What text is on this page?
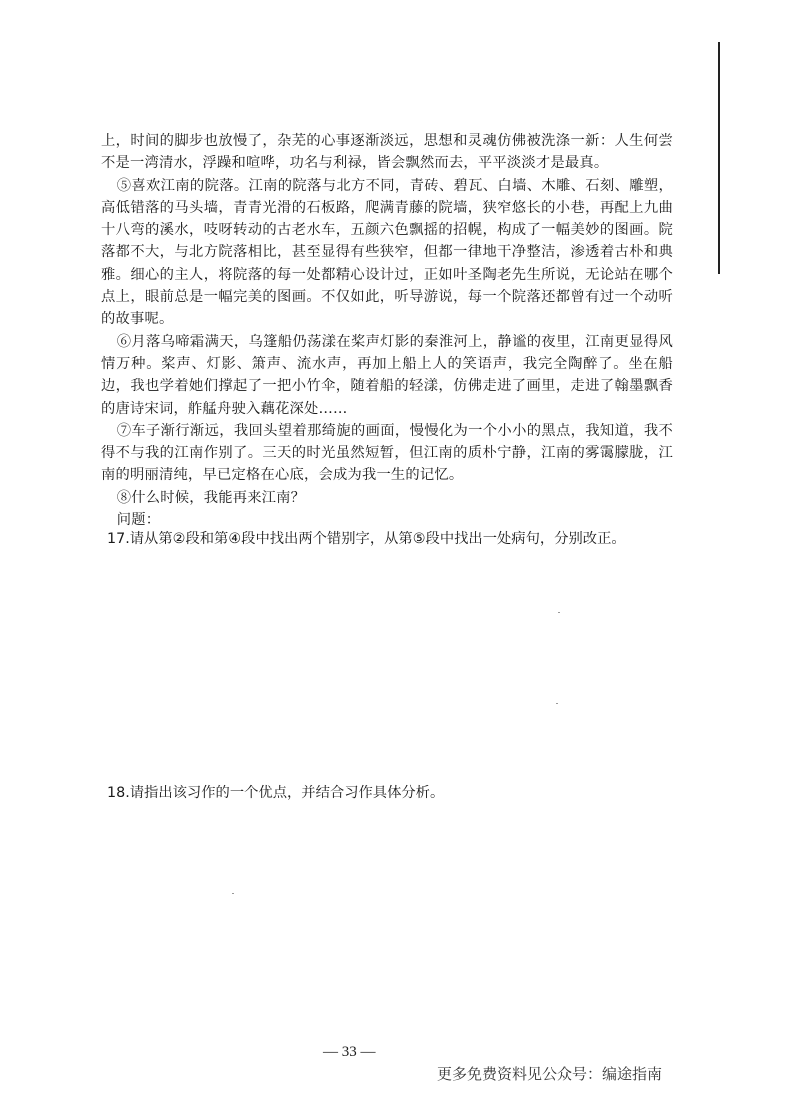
上，时间的脚步也放慢了，杂芜的心事逐渐淡远，思想和灵魂仿佛被洗涤一新：人生何尝不是一湾清水，浮躁和喧哗，功名与利禄，皆会飘然而去，平平淡淡才是最真。

⑤喜欢江南的院落。江南的院落与北方不同，青砖、碧瓦、白墙、木雕、石刻、雕塑，高低错落的马头墙，青青光滑的石板路，爬满青藤的院墙，狭窄悠长的小巷，再配上九曲十八弯的溪水，吱呀转动的古老水车，五颜六色飘摇的招幌，构成了一幅美妙的图画。院落都不大，与北方院落相比，甚至显得有些狭窄，但都一律地干净整洁，渗透着古朴和典雅。细心的主人，将院落的每一处都精心设计过，正如叶圣陶老先生所说，无论站在哪个点上，眼前总是一幅完美的图画。不仅如此，听导游说，每一个院落还都曾有过一个动听的故事呢。

⑥月落乌啼霜满天，乌篷船仍荡漾在桨声灯影的秦淮河上，静谧的夜里，江南更显得风情万种。桨声、灯影、箫声、流水声，再加上船上人的笑语声，我完全陶醉了。坐在船边，我也学着她们撑起了一把小竹伞，随着船的轻漾，仿佛走进了画里，走进了翰墨飘香的唐诗宋词，舴艋舟驶入藕花深处……

⑦车子渐行渐远，我回头望着那绮旎的画面，慢慢化为一个小小的黑点，我知道，我不得不与我的江南作别了。三天的时光虽然短暂，但江南的质朴宁静，江南的雾霭朦胧，江南的明丽清纯，早已定格在心底，会成为我一生的记忆。

⑧什么时候，我能再来江南？

问题：

17.请从第②段和第④段中找出两个错别字，从第⑤段中找出一处病句，分别改正。
18.请指出该习作的一个优点，并结合习作具体分析。
— 33 —
更多免费资料见公众号：编途指南
